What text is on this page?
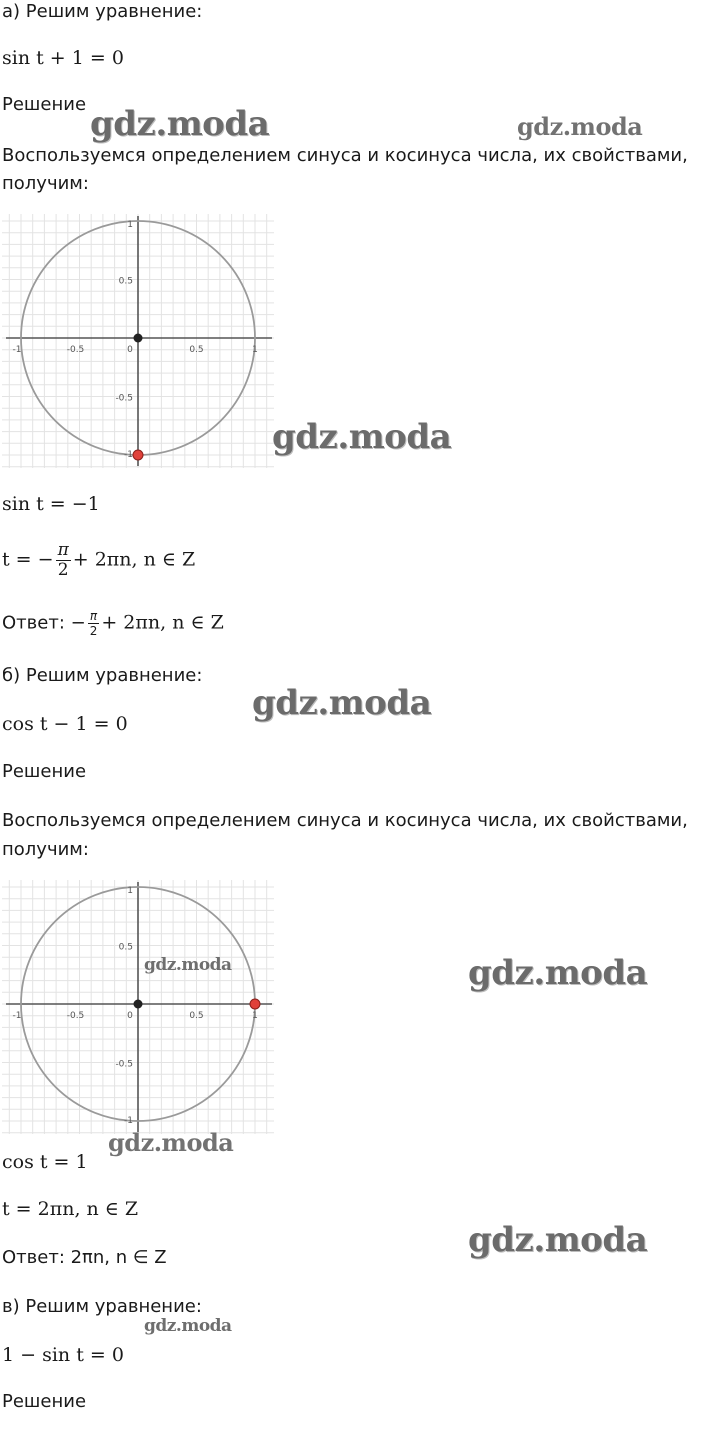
а) Решим уравнение:
sin t + 1 = 0
Решение
Воспользуемся определением синуса и косинуса числа, их свойствами,
получим:
-1	-0.5	0	0.5	1
1
0.5
-0.5
-1
sin t = −1
t = − $\frac{\pi}{2} + 2\pi n$, n ∈ Z
Ответ: − $\frac{\pi}{2} + 2\pi n$, n ∈ Z
б) Решим уравнение:
cos t − 1 = 0
Решение
Воспользуемся определением синуса и косинуса числа, их свойствами,
получим:
-1	-0.5	0	0.5	1
1
0.5
-0.5
-1
cos t = 1
t = 2πn, n ∈ Z
Ответ: 2πn, n ∈ Z
в) Решим уравнение:
1 − sin t = 0
Решение
gdz.moda	gdz.moda
gdz.moda
gdz.moda
gdz.moda	gdz.moda
gdz.moda
gdz.moda
gdz.moda
